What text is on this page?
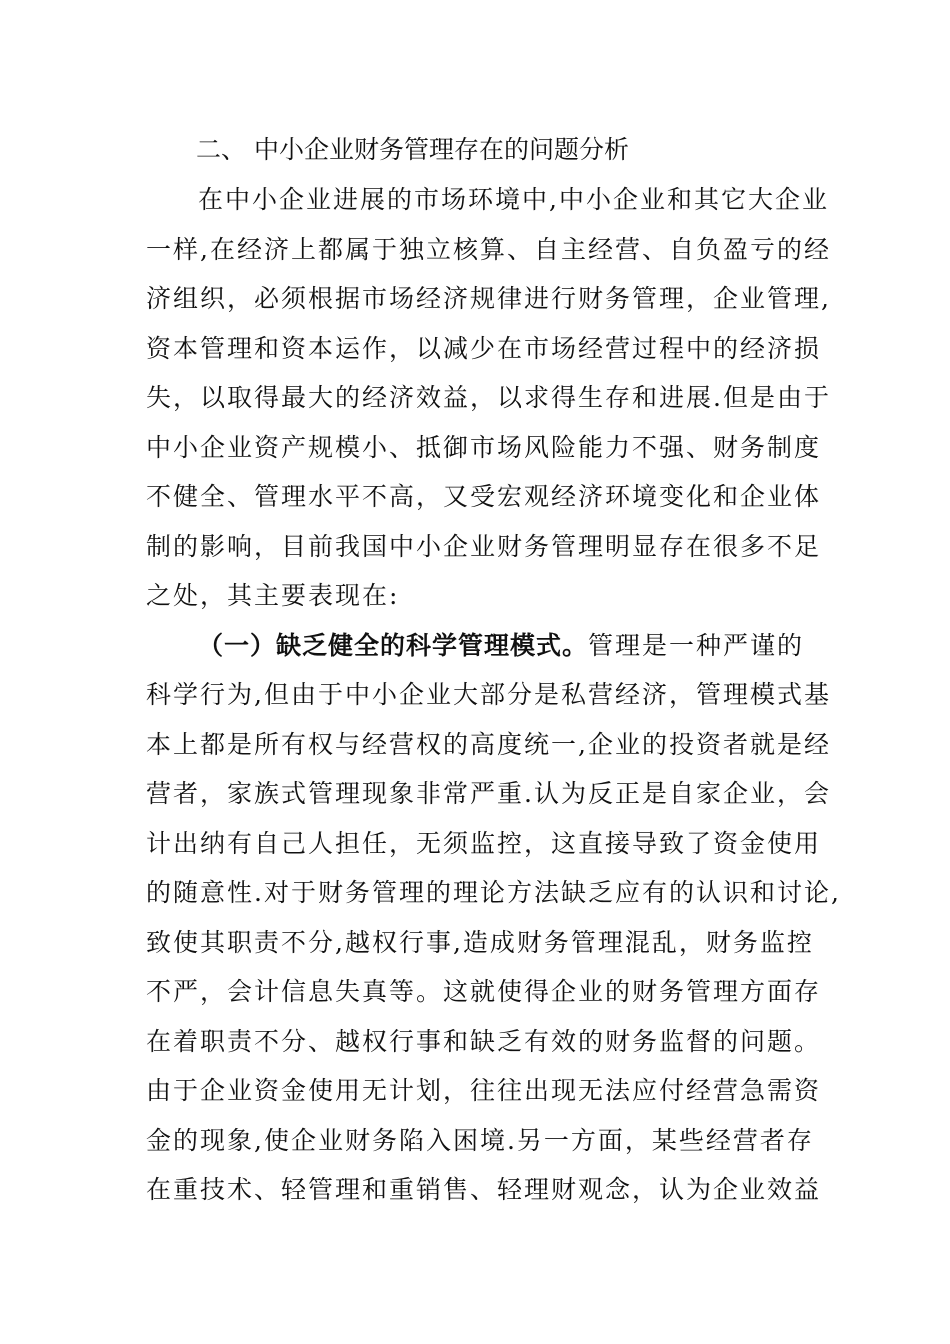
二、 中小企业财务管理存在的问题分析
在中小企业进展的市场环境中,中小企业和其它大企业
一样,在经济上都属于独立核算、自主经营、自负盈亏的经
济组织，必须根据市场经济规律进行财务管理，企业管理,
资本管理和资本运作，以减少在市场经营过程中的经济损
失，以取得最大的经济效益，以求得生存和进展.但是由于
中小企业资产规模小、抵御市场风险能力不强、财务制度
不健全、管理水平不高，又受宏观经济环境变化和企业体
制的影响，目前我国中小企业财务管理明显存在很多不足
之处，其主要表现在:
（一）缺乏健全的科学管理模式。管理是一种严谨的
科学行为,但由于中小企业大部分是私营经济，管理模式基
本上都是所有权与经营权的高度统一,企业的投资者就是经
营者，家族式管理现象非常严重.认为反正是自家企业，会
计出纳有自己人担任，无须监控，这直接导致了资金使用
的随意性.对于财务管理的理论方法缺乏应有的认识和讨论,
致使其职责不分,越权行事,造成财务管理混乱，财务监控
不严，会计信息失真等。这就使得企业的财务管理方面存
在着职责不分、越权行事和缺乏有效的财务监督的问题。
由于企业资金使用无计划，往往出现无法应付经营急需资
金的现象,使企业财务陷入困境.另一方面，某些经营者存
在重技术、轻管理和重销售、轻理财观念，认为企业效益
